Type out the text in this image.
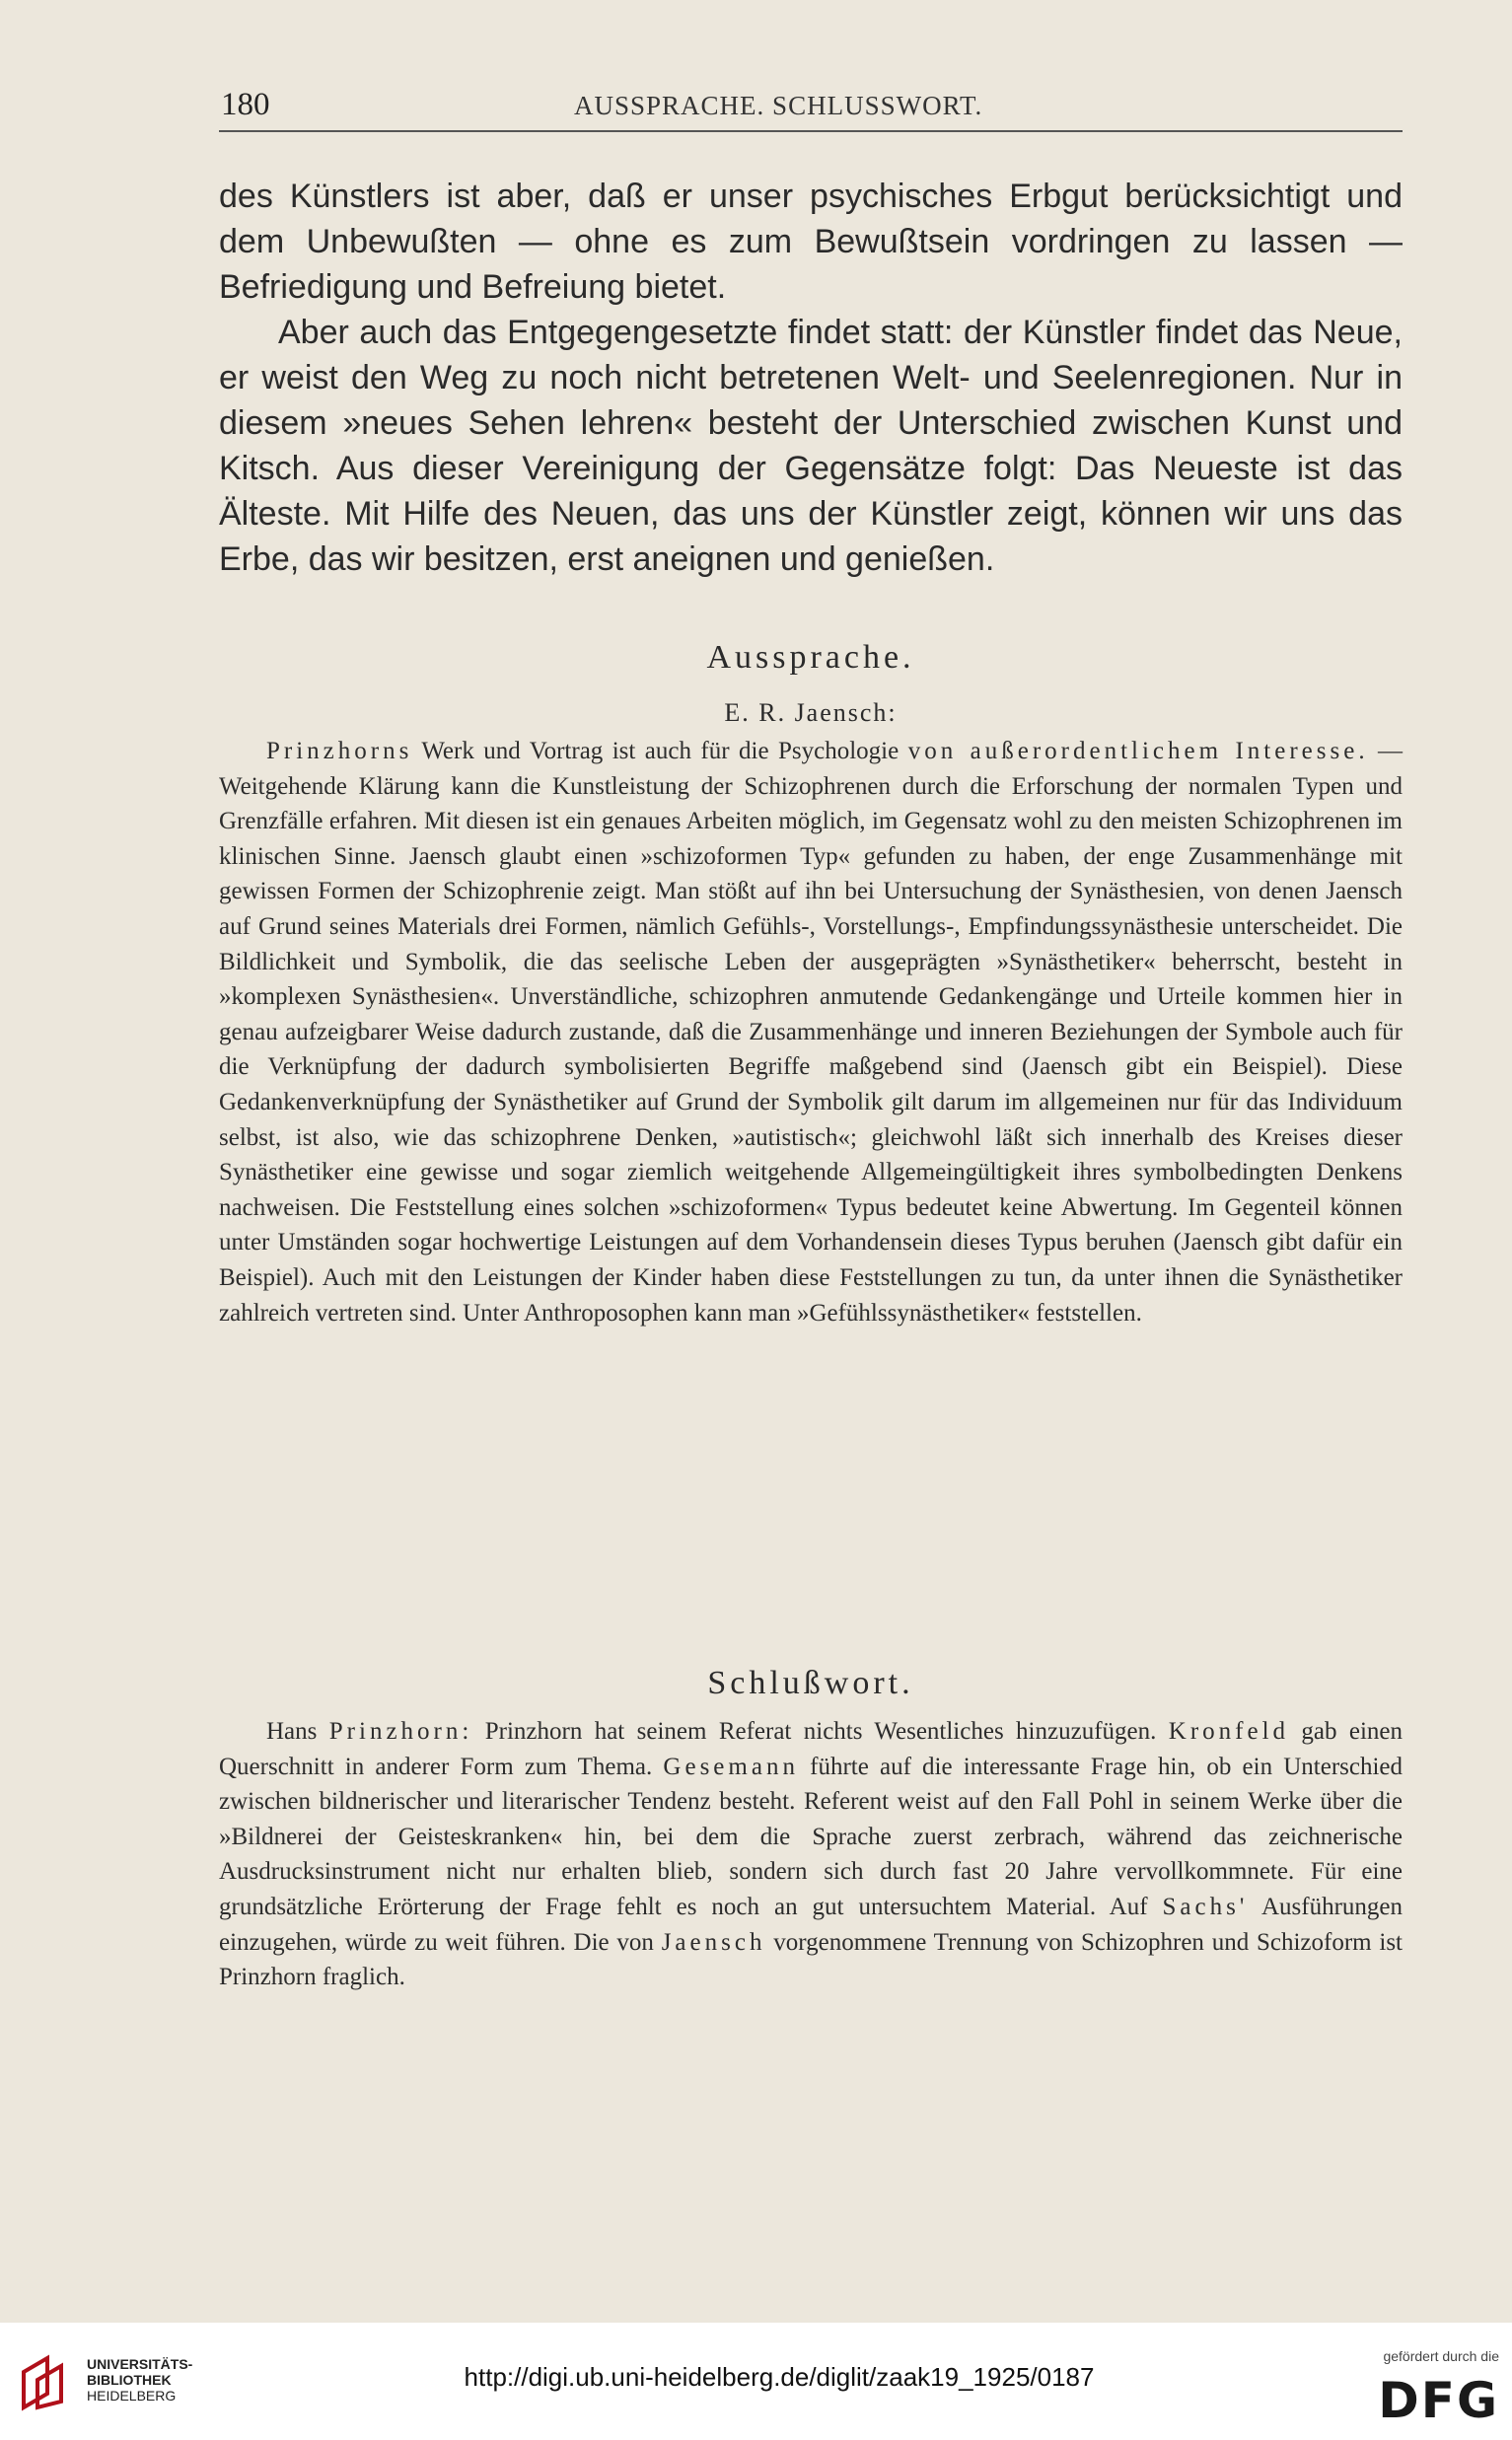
180	AUSSPRACHE. SCHLUSSWORT.

des Künstlers ist aber, daß er unser psychisches Erbgut berücksichtigt und dem Unbewußten — ohne es zum Bewußtsein vordringen zu lassen — Befriedigung und Befreiung bietet.

Aber auch das Entgegengesetzte findet statt: der Künstler findet das Neue, er weist den Weg zu noch nicht betretenen Welt- und Seelenregionen. Nur in diesem »neues Sehen lehren« besteht der Unterschied zwischen Kunst und Kitsch. Aus dieser Vereinigung der Gegensätze folgt: Das Neueste ist das Älteste. Mit Hilfe des Neuen, das uns der Künstler zeigt, können wir uns das Erbe, das wir besitzen, erst aneignen und genießen.

Aussprache.
E. R. Jaensch:

Prinzhorns Werk und Vortrag ist auch für die Psychologie von außerordentlichem Interesse. — Weitgehende Klärung kann die Kunstleistung der Schizophrenen durch die Erforschung der normalen Typen und Grenzfälle erfahren. Mit diesen ist ein genaues Arbeiten möglich, im Gegensatz wohl zu den meisten Schizophrenen im klinischen Sinne. Jaensch glaubt einen »schizoformen Typ« gefunden zu haben, der enge Zusammenhänge mit gewissen Formen der Schizophrenie zeigt. Man stößt auf ihn bei Untersuchung der Synästhesien, von denen Jaensch auf Grund seines Materials drei Formen, nämlich Gefühls-, Vorstellungs-, Empfindungssynästhesie unterscheidet. Die Bildlichkeit und Symbolik, die das seelische Leben der ausgeprägten »Synästhetiker« beherrscht, besteht in »komplexen Synästhesien«. Unverständliche, schizophren anmutende Gedankengänge und Urteile kommen hier in genau aufzeigbarer Weise dadurch zustande, daß die Zusammenhänge und inneren Beziehungen der Symbole auch für die Verknüpfung der dadurch symbolisierten Begriffe maßgebend sind (Jaensch gibt ein Beispiel). Diese Gedankenverknüpfung der Synästhetiker auf Grund der Symbolik gilt darum im allgemeinen nur für das Individuum selbst, ist also, wie das schizophrene Denken, »autistisch«; gleichwohl läßt sich innerhalb des Kreises dieser Synästhetiker eine gewisse und sogar ziemlich weitgehende Allgemeingültigkeit ihres symbolbedingten Denkens nachweisen. Die Feststellung eines solchen »schizoformen« Typus bedeutet keine Abwertung. Im Gegenteil können unter Umständen sogar hochwertige Leistungen auf dem Vorhandensein dieses Typus beruhen (Jaensch gibt dafür ein Beispiel). Auch mit den Leistungen der Kinder haben diese Feststellungen zu tun, da unter ihnen die Synästhetiker zahlreich vertreten sind. Unter Anthroposophen kann man »Gefühlssynästhetiker« feststellen.

Schlußwort.

Hans Prinzhorn: Prinzhorn hat seinem Referat nichts Wesentliches hinzuzufügen. Kronfeld gab einen Querschnitt in anderer Form zum Thema. Gesemann führte auf die interessante Frage hin, ob ein Unterschied zwischen bildnerischer und literarischer Tendenz besteht. Referent weist auf den Fall Pohl in seinem Werke über die »Bildnerei der Geisteskranken« hin, bei dem die Sprache zuerst zerbrach, während das zeichnerische Ausdrucksinstrument nicht nur erhalten blieb, sondern sich durch fast 20 Jahre vervollkommnete. Für eine grundsätzliche Erörterung der Frage fehlt es noch an gut untersuchtem Material. Auf Sachs' Ausführungen einzugehen, würde zu weit führen. Die von Jaensch vorgenommene Trennung von Schizophren und Schizoform ist Prinzhorn fraglich.

UNIVERSITÄTS-
BIBLIOTHEK
HEIDELBERG
http://digi.ub.uni-heidelberg.de/diglit/zaak19_1925/0187
gefördert durch die
DFG
